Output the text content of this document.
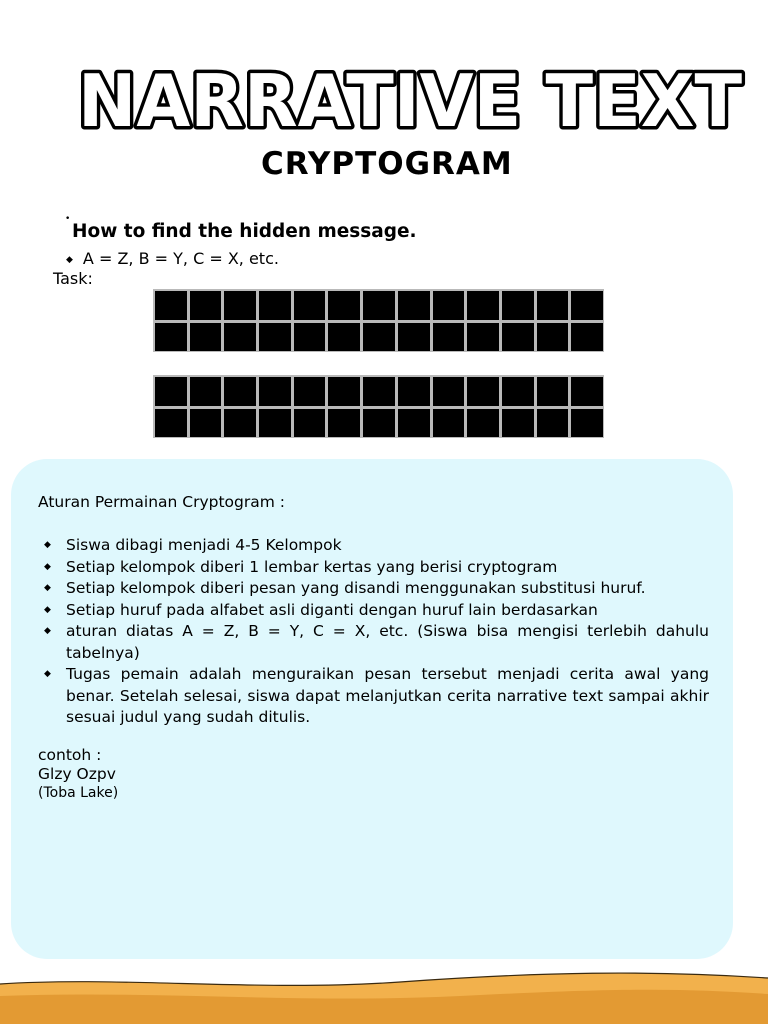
NARRATIVE TEXT
CRYPTOGRAM
•
How to find the hidden message.
◆ A = Z, B = Y, C = X, etc.
Task:
Aturan Permainan Cryptogram :
◆ Siswa dibagi menjadi 4-5 Kelompok
◆ Setiap kelompok diberi 1 lembar kertas yang berisi cryptogram
◆ Setiap kelompok diberi pesan yang disandi menggunakan substitusi huruf.
◆ Setiap huruf pada alfabet asli diganti dengan huruf lain berdasarkan
◆ aturan diatas A = Z, B = Y, C = X, etc. (Siswa bisa mengisi terlebih dahulu tabelnya)
◆ Tugas pemain adalah menguraikan pesan tersebut menjadi cerita awal yang benar. Setelah selesai, siswa dapat melanjutkan cerita narrative text sampai akhir sesuai judul yang sudah ditulis.
contoh :
Glzy Ozpv
(Toba Lake)
